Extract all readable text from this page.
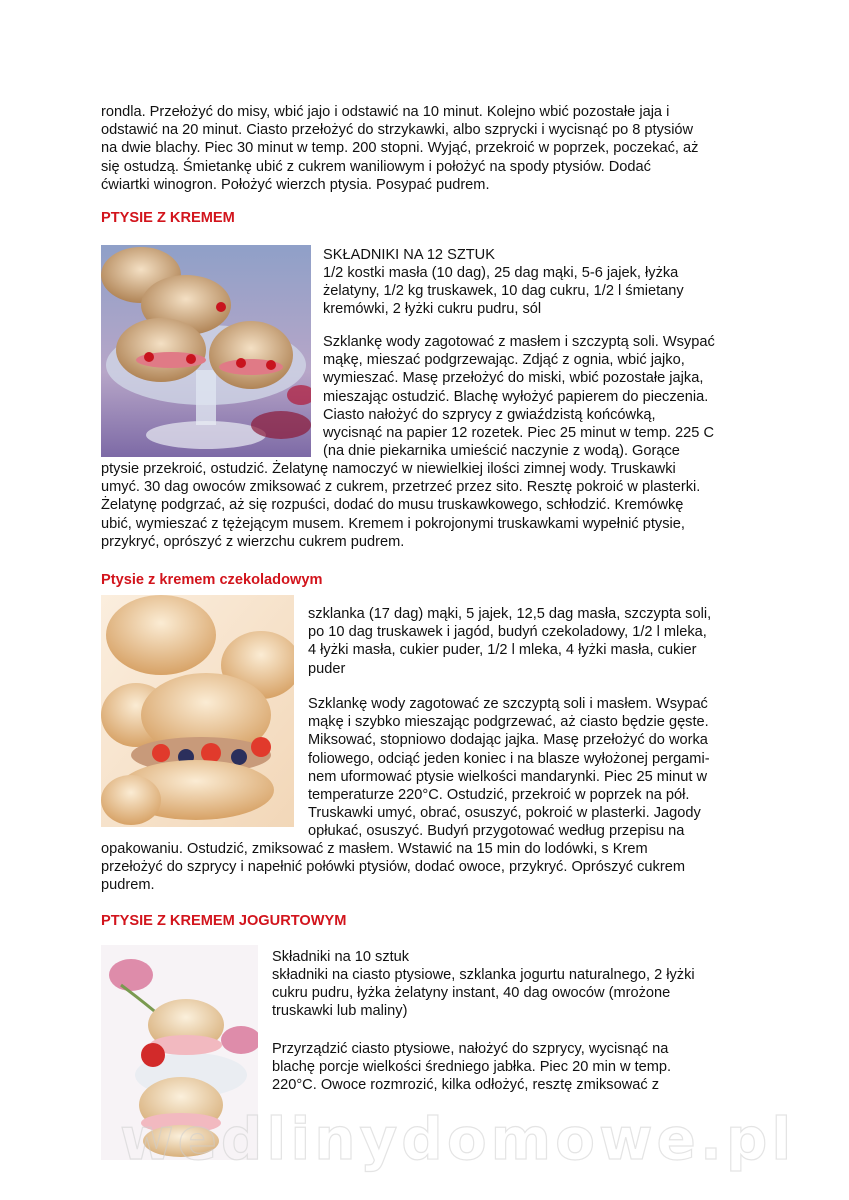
rondla. Przełożyć do misy, wbić jajo i odstawić na 10 minut. Kolejno wbić pozostałe jaja i
odstawić na 20 minut. Ciasto przełożyć do strzykawki, albo szprycki i wycisnąć po 8 ptysiów
na dwie blachy. Piec 30 minut w temp. 200 stopni. Wyjąć, przekroić w poprzek, poczekać, aż
się ostudzą. Śmietankę ubić z cukrem waniliowym i położyć na spody ptysiów. Dodać
ćwiartki winogron. Położyć wierzch ptysia. Posypać pudrem.

PTYSIE Z KREMEM

SKŁADNIKI NA 12 SZTUK

1/2 kostki masła (10 dag), 25 dag mąki, 5-6 jajek, łyżka
żelatyny, 1/2 kg truskawek, 10 dag cukru, 1/2 l śmietany
kremówki, 2 łyżki cukru pudru, sól

Szklankę wody zagotować z masłem i szczyptą soli. Wsypać
mąkę, mieszać podgrzewając. Zdjąć z ognia, wbić jajko,
wymieszać. Masę przełożyć do miski, wbić pozostałe jajka,
mieszając ostudzić. Blachę wyłożyć papierem do pieczenia.
Ciasto nałożyć do szprycy z gwiaździstą końcówką,
wycisnąć na papier 12 rozetek. Piec 25 minut w temp. 225 C
(na dnie piekarnika umieścić naczynie z wodą). Gorące

ptysie przekroić, ostudzić. Żelatynę namoczyć w niewielkiej ilości zimnej wody. Truskawki
umyć. 30 dag owoców zmiksować z cukrem, przetrzeć przez sito. Resztę pokroić w plasterki.
Żelatynę podgrzać, aż się rozpuści, dodać do musu truskawkowego, schłodzić. Kremówkę
ubić, wymieszać z tężejącym musem. Kremem i pokrojonymi truskawkami wypełnić ptysie,
przykryć, oprószyć z wierzchu cukrem pudrem.

Ptysie z kremem czekoladowym

szklanka (17 dag) mąki, 5 jajek, 12,5 dag masła, szczypta soli,
po 10 dag truskawek i jagód, budyń czekoladowy, 1/2 l mleka,
4 łyżki masła, cukier puder, 1/2 l mleka, 4 łyżki masła, cukier
puder

Szklankę wody zagotować ze szczyptą soli i masłem. Wsypać
mąkę i szybko mieszając podgrzewać, aż ciasto będzie gęste.
Miksować, stopniowo dodając jajka. Masę przełożyć do worka
foliowego, odciąć jeden koniec i na blasze wyłożonej pergami-
nem uformować ptysie wielkości mandarynki. Piec 25 minut w
temperaturze 220°C. Ostudzić, przekroić w poprzek na pół.
Truskawki umyć, obrać, osuszyć, pokroić w plasterki. Jagody
opłukać, osuszyć. Budyń przygotować według przepisu na

opakowaniu. Ostudzić, zmiksować z masłem. Wstawić na 15 min do lodówki, s Krem
przełożyć do szprycy i napełnić połówki ptysiów, dodać owoce, przykryć. Oprószyć cukrem
pudrem.

PTYSIE Z KREMEM JOGURTOWYM

Składniki na 10 sztuk

składniki na ciasto ptysiowe, szklanka jogurtu naturalnego, 2 łyżki
cukru pudru, łyżka żelatyny instant, 40 dag owoców (mrożone
truskawki lub maliny)

Przyrządzić ciasto ptysiowe, nałożyć do szprycy, wycisnąć na
blachę porcje wielkości średniego jabłka. Piec 20 min w temp.
220°C. Owoce rozmrozić, kilka odłożyć, resztę zmiksować z

wedlinydomowe.pl
